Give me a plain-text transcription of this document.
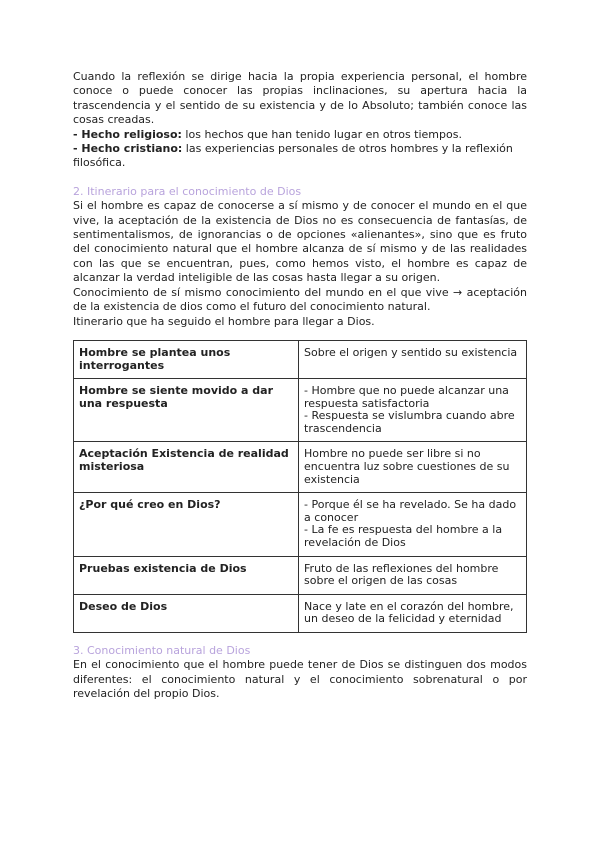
Cuando la reflexión se dirige hacia la propia experiencia personal, el hombre conoce o puede conocer las propias inclinaciones, su apertura hacia la trascendencia y el sentido de su existencia y de lo Absoluto; también conoce las cosas creadas.

- Hecho religioso: los hechos que han tenido lugar en otros tiempos.

- Hecho cristiano: las experiencias personales de otros hombres y la reflexión filosófica.

2. Itinerario para el conocimiento de Dios

Si el hombre es capaz de conocerse a sí mismo y de conocer el mundo en el que vive, la aceptación de la existencia de Dios no es consecuencia de fantasías, de sentimentalismos, de ignorancias o de opciones «alienantes», sino que es fruto del conocimiento natural que el hombre alcanza de sí mismo y de las realidades con las que se encuentran, pues, como hemos visto, el hombre es capaz de alcanzar la verdad inteligible de las cosas hasta llegar a su origen.

Conocimiento de sí mismo conocimiento del mundo en el que vive → aceptación de la existencia de dios como el futuro del conocimiento natural.

Itinerario que ha seguido el hombre para llegar a Dios.

Hombre se plantea unos interrogantes	Sobre el origen y sentido su existencia

Hombre se siente movido a dar una respuesta	- Hombre que no puede alcanzar una respuesta satisfactoria
- Respuesta se vislumbra cuando abre trascendencia

Aceptación Existencia de realidad misteriosa	Hombre no puede ser libre si no encuentra luz sobre cuestiones de su existencia

¿Por qué creo en Dios?	- Porque él se ha revelado. Se ha dado a conocer
- La fe es respuesta del hombre a la revelación de Dios

Pruebas existencia de Dios	Fruto de las reflexiones del hombre sobre el origen de las cosas

Deseo de Dios	Nace y late en el corazón del hombre, un deseo de la felicidad y eternidad

3. Conocimiento natural de Dios

En el conocimiento que el hombre puede tener de Dios se distinguen dos modos diferentes: el conocimiento natural y el conocimiento sobrenatural o por revelación del propio Dios.
